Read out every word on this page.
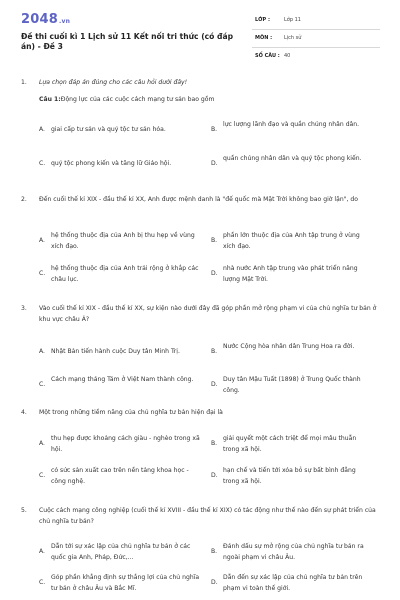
2048.vn
Đề thi cuối kì 1 Lịch sử 11 Kết nối tri thức (có đáp án) - Đề 3
LỚP :	Lớp 11
MÔN : Lịch sử
SỐ CÂU : 40
1. Lựa chọn đáp án đúng cho các câu hỏi dưới đây!
Câu 1:Động lực của các cuộc cách mạng tư sản bao gồm
A. giai cấp tư sản và quý tộc tư sản hóa.	B.
lực lượng lãnh đạo và quần chúng nhân dân.
C. quý tộc phong kiến và tăng lữ Giáo hội.	D.
quần chúng nhân dân và quý tộc phong kiến.
2. Đến cuối thế kỉ XIX - đầu thế kỉ XX, Anh được mệnh danh là "đế quốc mà Mặt Trời không bao giờ lặn", do
A.
hệ thống thuộc địa của Anh bị thu hẹp về vùng xích đạo.
B.
phần lớn thuộc địa của Anh tập trung ở vùng xích đạo.
C.
hệ thống thuộc địa của Anh trải rộng ở khắp các châu lục.
D.
nhà nước Anh tập trung vào phát triển năng lượng Mặt Trời.
3. Vào cuối thế kỉ XIX - đầu thế kỉ XX, sự kiện nào dưới đây đã góp phần mở rộng phạm vi của chủ nghĩa tư bản ở khu vực châu Á?
A. Nhật Bản tiến hành cuộc Duy tân Minh Trị.	B.
Nước Cộng hòa nhân dân Trung Hoa ra đời.
C.
Cách mạng tháng Tám ở Việt Nam thành công.
D.
Duy tân Mậu Tuất (1898) ở Trung Quốc thành công.
4. Một trong những tiềm năng của chủ nghĩa tư bản hiện đại là
A.
thu hẹp được khoảng cách giàu - nghèo trong xã hội.
B.
giải quyết một cách triệt để mọi mâu thuẫn trong xã hội.
C.
có sức sản xuất cao trên nền tảng khoa học - công nghệ.
D.
hạn chế và tiến tới xóa bỏ sự bất bình đẳng trong xã hội.
5. Cuộc cách mạng công nghiệp (cuối thế kỉ XVIII - đầu thế kỉ XIX) có tác động như thế nào đến sự phát triển của chủ nghĩa tư bản?
A.
Dẫn tới sự xác lập của chủ nghĩa tư bản ở các quốc gia Anh, Pháp, Đức,...
B.
Đánh dấu sự mở rộng của chủ nghĩa tư bản ra ngoài phạm vi châu Âu.
C.
Góp phần khẳng định sự thắng lợi của chủ nghĩa tư bản ở châu Âu và Bắc Mĩ.
D.
Dẫn đến sự xác lập của chủ nghĩa tư bản trên phạm vi toàn thế giới.
